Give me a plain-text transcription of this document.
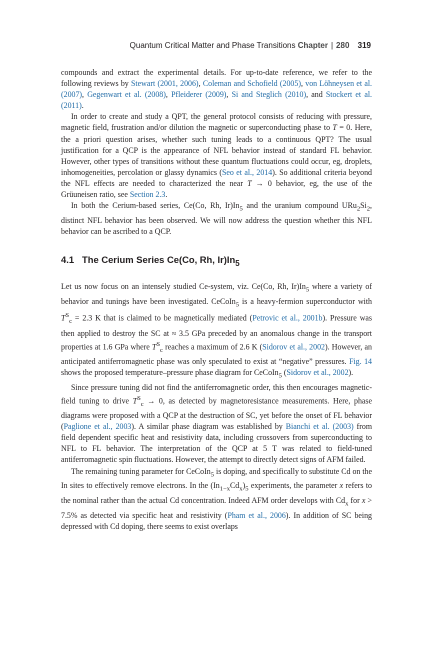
Quantum Critical Matter and Phase Transitions Chapter | 280 319

compounds and extract the experimental details. For up-to-date reference, we refer to the following reviews by Stewart (2001, 2006), Coleman and Schofield (2005), von Löhneysen et al. (2007), Gegenwart et al. (2008), Pfleiderer (2009), Si and Steglich (2010), and Stockert et al. (2011).

In order to create and study a QPT, the general protocol consists of reducing with pressure, magnetic field, frustration and/or dilution the magnetic or superconducting phase to T = 0. Here, the a priori question arises, whether such tuning leads to a continuous QPT? The usual justification for a QCP is the appearance of NFL behavior instead of standard FL behavior. However, other types of transitions without these quantum fluctuations could occur, eg, droplets, inhomogeneities, percolation or glassy dynamics (Seo et al., 2014). So additional criteria beyond the NFL effects are needed to characterized the near T → 0 behavior, eg, the use of the Grüuneisen ratio, see Section 2.3.

In both the Cerium-based series, Ce(Co, Rh, $Ir)In_5$ and the uranium compound $URu_2Si_2$, distinct NFL behavior has been observed. We will now address the question whether this NFL behavior can be ascribed to a QCP.

4.1 The Cerium Series Ce(Co, Rh, $Ir)In_5$

Let us now focus on an intensely studied Ce-system, viz. Ce(Co, Rh, $Ir)In_5$ where a variety of behavior and tunings have been investigated. CeCoIn$_5$ is a heavy-fermion superconductor with $T^S_c = 2.3$ K that is claimed to be magnetically mediated (Petrovic et al., 2001b). Pressure was then applied to destroy the SC at ≈ 3.5 GPa preceded by an anomalous change in the transport properties at 1.6 GPa where $T^S_c$ reaches a maximum of 2.6 K (Sidorov et al., 2002). However, an anticipated antiferromagnetic phase was only speculated to exist at “negative” pressures. Fig. 14 shows the proposed temperature–pressure phase diagram for CeCoIn$_5$ (Sidorov et al., 2002).

Since pressure tuning did not find the antiferromagnetic order, this then encourages magnetic-field tuning to drive $T^S_c \to 0$, as detected by magnetoresistance measurements. Here, phase diagrams were proposed with a QCP at the destruction of SC, yet before the onset of FL behavior (Paglione et al., 2003). A similar phase diagram was established by Bianchi et al. (2003) from field dependent specific heat and resistivity data, including crossovers from superconducting to NFL to FL behavior. The interpretation of the QCP at 5 T was related to field-tuned antiferromagnetic spin fluctuations. However, the attempt to directly detect signs of AFM failed.

The remaining tuning parameter for CeCoIn$_5$ is doping, and specifically to substitute Cd on the In sites to effectively remove electrons. In the $(In_{1-x}Cd_x)_5$ experiments, the parameter x refers to the nominal rather than the actual Cd concentration. Indeed AFM order develops with $Cd_x$ for x > 7.5% as detected via specific heat and resistivity (Pham et al., 2006). In addition of SC being depressed with Cd doping, there seems to exist overlaps
